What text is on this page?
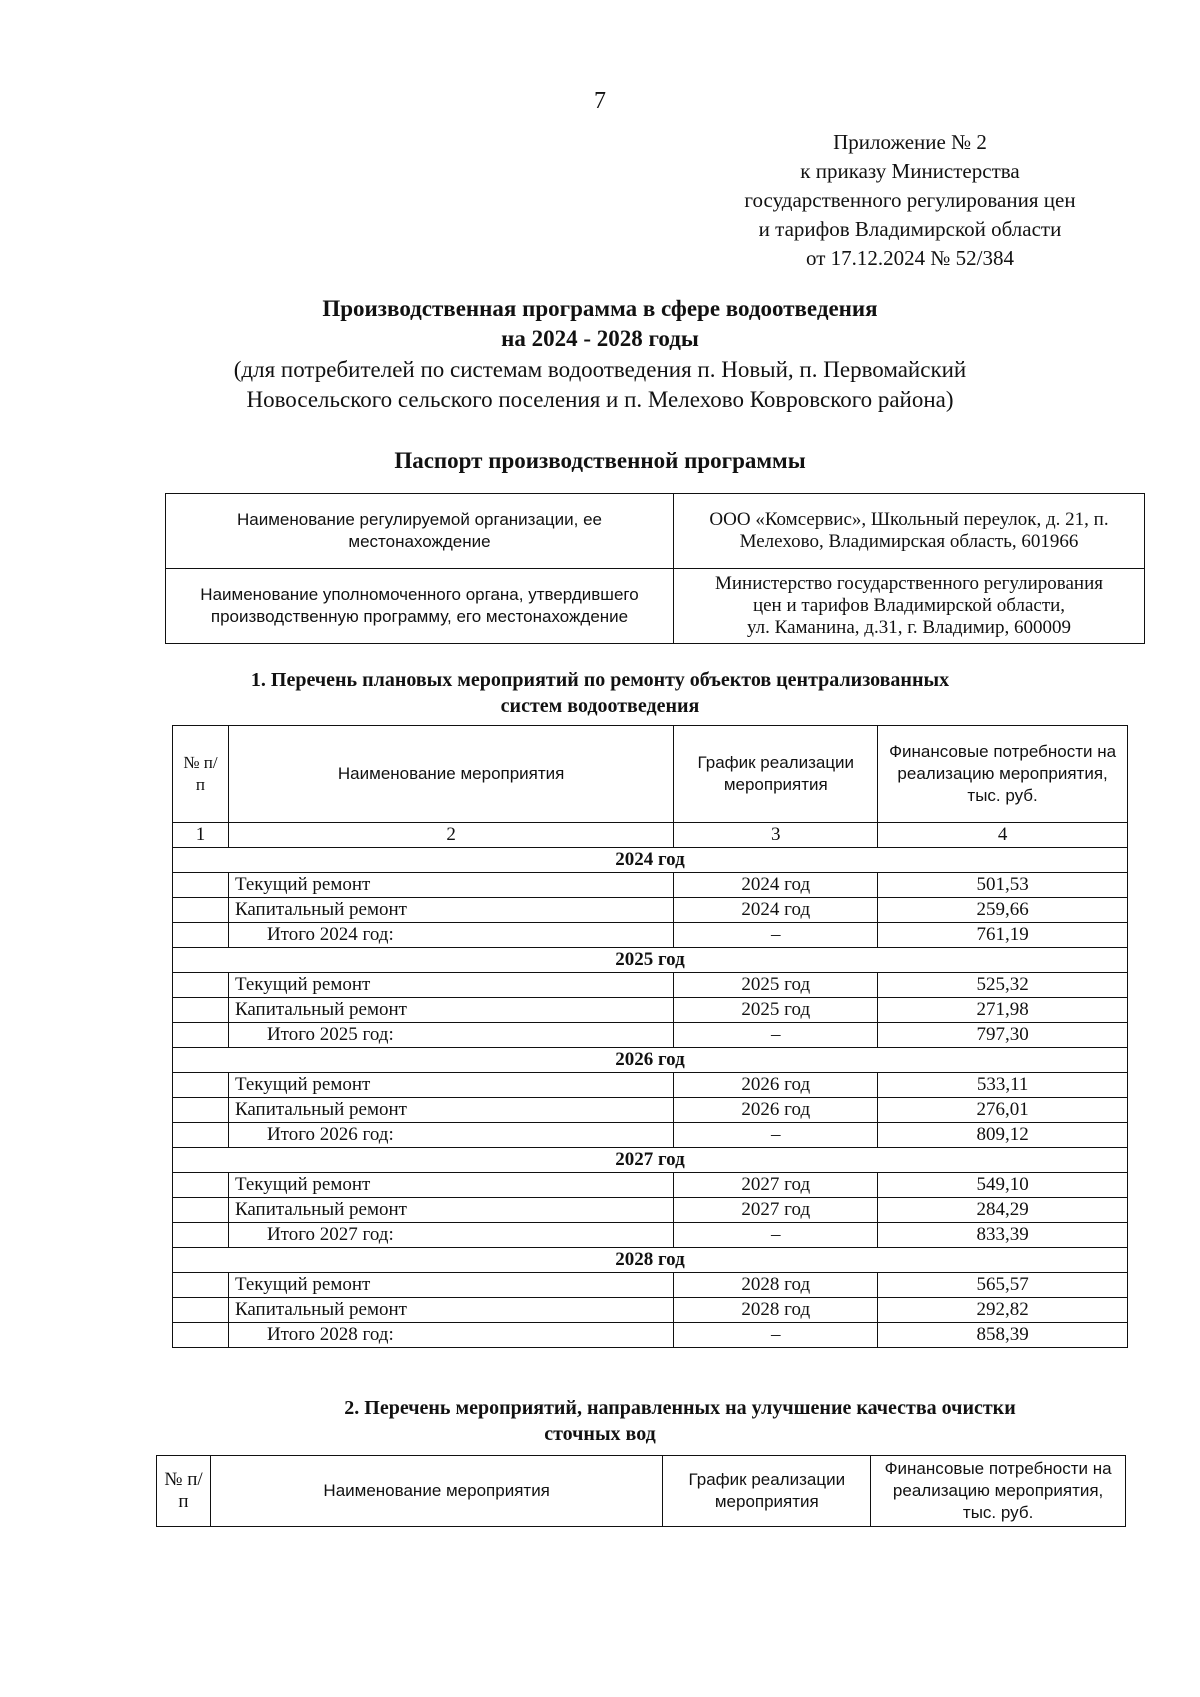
7
Приложение № 2
к приказу Министерства
государственного регулирования цен
и тарифов Владимирской области
от 17.12.2024 № 52/384
Производственная программа в сфере водоотведения
на 2024 - 2028 годы
(для потребителей по системам водоотведения п. Новый, п. Первомайский
Новосельского сельского поселения и п. Мелехово Ковровского района)
Паспорт производственной программы
Наименование регулируемой организации, ее местонахождение	ООО «Комсервис», Школьный переулок, д. 21, п. Мелехово, Владимирская область, 601966
Наименование уполномоченного органа, утвердившего производственную программу, его местонахождение	Министерство государственного регулирования
цен и тарифов Владимирской области,
ул. Каманина, д.31, г. Владимир, 600009
1. Перечень плановых мероприятий по ремонту объектов централизованных
систем водоотведения
№ п/п	Наименование мероприятия	График реализации мероприятия	Финансовые потребности на реализацию мероприятия, тыс. руб.
1	2	3	4
2024 год			
	Текущий ремонт	2024 год	501,53
	Капитальный ремонт	2024 год	259,66
	Итого 2024 год:	–	761,19
2025 год			
	Текущий ремонт	2025 год	525,32
	Капитальный ремонт	2025 год	271,98
	Итого 2025 год:	–	797,30
2026 год			
	Текущий ремонт	2026 год	533,11
	Капитальный ремонт	2026 год	276,01
	Итого 2026 год:	–	809,12
2027 год			
	Текущий ремонт	2027 год	549,10
	Капитальный ремонт	2027 год	284,29
	Итого 2027 год:	–	833,39
2028 год			
	Текущий ремонт	2028 год	565,57
	Капитальный ремонт	2028 год	292,82
	Итого 2028 год:	–	858,39
2. Перечень мероприятий, направленных на улучшение качества очистки
сточных вод
№ п/п	Наименование мероприятия	График реализации мероприятия	Финансовые потребности на реализацию мероприятия, тыс. руб.
